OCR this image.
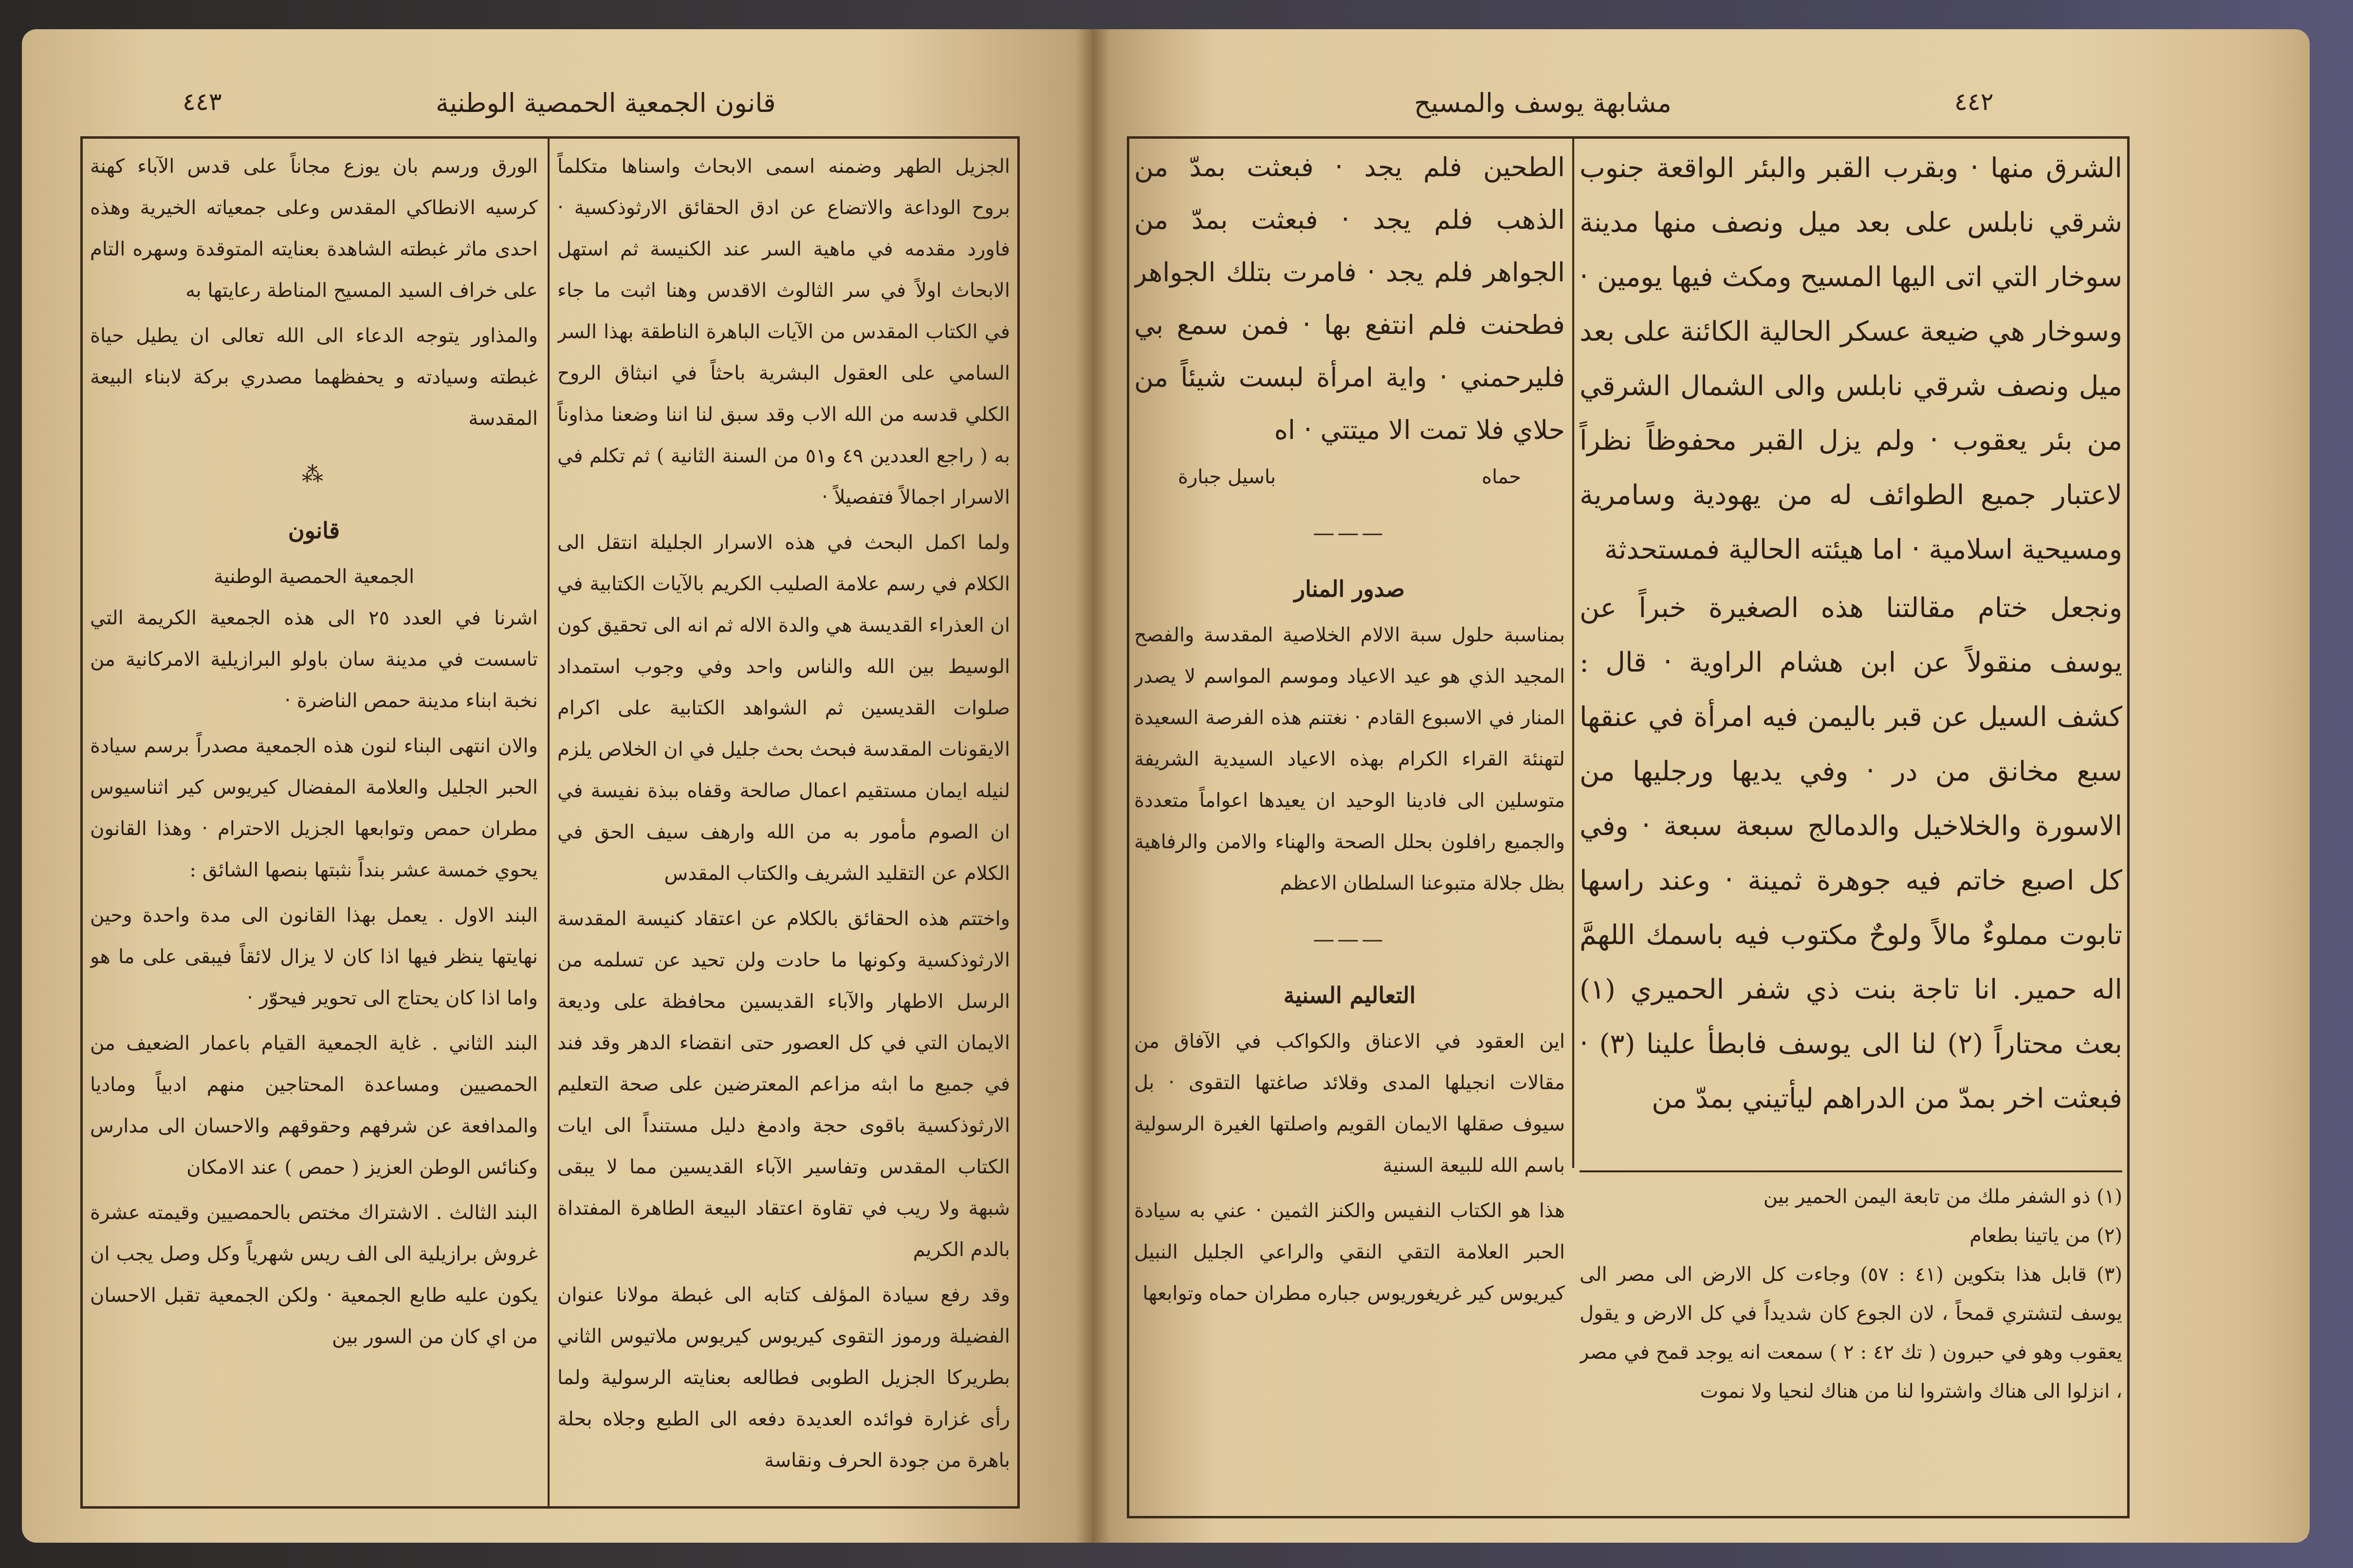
٤٤٣	قانون الجمعية الحمصية الوطنية

الجزيل الطهر وضمنه اسمى الابحاث واسناها متكلماً بروح الوداعة والاتضاع عن ادق الحقائق الارثوذكسية ‧ فاورد مقدمه في ماهية السر عند الكنيسة ثم استهل الابحاث اولاً في سر الثالوث الاقدس وهنا اثبت ما جاء في الكتاب المقدس من الآيات الباهرة الناطقة بهذا السر السامي على العقول البشرية باحثاً في انبثاق الروح الكلي قدسه من الله الاب وقد سبق لنا اننا وضعنا مذاوناً به ( راجع العددين ٤٩ و٥١ من السنة الثانية ) ثم تكلم في الاسرار اجمالاً فتفصيلاً ‧

ولما اكمل البحث في هذه الاسرار الجليلة انتقل الى الكلام في رسم علامة الصليب الكريم بالآيات الكتابية في ان العذراء القديسة هي والدة الاله ثم انه الى تحقيق كون الوسيط بين الله والناس واحد وفي وجوب استمداد صلوات القديسين ثم الشواهد الكتابية على اكرام الايقونات المقدسة فبحث بحث جليل في ان الخلاص يلزم لنيله ايمان مستقيم اعمال صالحة وقفاه ببذة نفيسة في ان الصوم مأمور به من الله وارهف سيف الحق في الكلام عن التقليد الشريف والكتاب المقدس

واختتم هذه الحقائق بالكلام عن اعتقاد كنيسة المقدسة الارثوذكسية وكونها ما حادت ولن تحيد عن تسلمه من الرسل الاطهار والآباء القديسين محافظة على وديعة الايمان التي في كل العصور حتى انقضاء الدهر وقد فند في جميع ما ابثه مزاعم المعترضين على صحة التعليم الارثوذكسية باقوى حجة وادمغ دليل مستنداً الى ايات الكتاب المقدس وتفاسير الآباء القديسين مما لا يبقى شبهة ولا ريب في تقاوة اعتقاد البيعة الطاهرة المفتداة بالدم الكريم

وقد رفع سيادة المؤلف كتابه الى غبطة مولانا عنوان الفضيلة ورموز التقوى كيريوس كيريوس ملاتيوس الثاني بطريركا الجزيل الطوبى فطالعه بعنايته الرسولية ولما رأى غزارة فوائده العديدة دفعه الى الطبع وجلاه بحلة باهرة من جودة الحرف ونقاسة

الورق ورسم بان يوزع مجاناً على قدس الآباء كهنة كرسيه الانطاكي المقدس وعلى جمعياته الخيرية وهذه احدى ماثر غبطته الشاهدة بعنايته المتوقدة وسهره التام على خراف السيد المسيح المناطة رعايتها به

والمذاور يتوجه الدعاء الى الله تعالى ان يطيل حياة غبطته وسيادته و يحفظهما مصدري بركة لابناء البيعة المقدسة

⁂
قانون
الجمعية الحمصية الوطنية

اشرنا في العدد ٢٥ الى هذه الجمعية الكريمة التي تاسست في مدينة سان باولو البرازيلية الامركانية من نخبة ابناء مدينة حمص الناضرة ‧

والان انتهى البناء لنون هذه الجمعية مصدراً برسم سيادة الحبر الجليل والعلامة المفضال كيريوس كير اثناسيوس مطران حمص وتوابعها الجزيل الاحترام ‧ وهذا القانون يحوي خمسة عشر بنداً نثبتها بنصها الشائق :

البند الاول . يعمل بهذا القانون الى مدة واحدة وحين نهايتها ينظر فيها اذا كان لا يزال لائقاً فيبقى على ما هو واما اذا كان يحتاج الى تحوير فيحوّر ‧

البند الثاني . غاية الجمعية القيام باعمار الضعيف من الحمصيين ومساعدة المحتاجين منهم ادبياً وماديا والمدافعة عن شرفهم وحقوقهم والاحسان الى مدارس وكنائس الوطن العزيز ( حمص ) عند الامكان

البند الثالث . الاشتراك مختص بالحمصيين وقيمته عشرة غروش برازيلية الى الف ريس شهرياً وكل وصل يجب ان يكون عليه طابع الجمعية ‧ ولكن الجمعية تقبل الاحسان من اي كان من السور بين

٤٤٢
مشابهة يوسف والمسيح

الشرق منها ‧ وبقرب القبر والبئر الواقعة جنوب شرقي نابلس على بعد ميل ونصف منها مدينة سوخار التي اتى اليها المسيح ومكث فيها يومين ‧ وسوخار هي ضيعة عسكر الحالية الكائنة على بعد ميل ونصف شرقي نابلس والى الشمال الشرقي من بئر يعقوب ‧ ولم يزل القبر محفوظاً نظراً لاعتبار جميع الطوائف له من يهودية وسامرية ومسيحية اسلامية ‧ اما هيئته الحالية فمستحدثة

ونجعل ختام مقالتنا هذه الصغيرة خبراً عن يوسف منقولاً عن ابن هشام الراوية ‧ قال : كشف السيل عن قبر باليمن فيه امرأة في عنقها سبع مخانق من در ‧ وفي يديها ورجليها من الاسورة والخلاخيل والدمالج سبعة سبعة ‧ وفي كل اصبع خاتم فيه جوهرة ثمينة ‧ وعند راسها تابوت مملوءٌ مالاً ولوحٌ مكتوب فيه باسمك اللهمَّ اله حمير. انا تاجة بنت ذي شفر الحميري (١) بعث محتاراً (٢) لنا الى يوسف فابطأ علينا (٣) ‧ فبعثت اخر بمدّ من الدراهم ليأتيني بمدّ من

الطحين فلم يجد ‧ فبعثت بمدّ من الذهب فلم يجد ‧ فبعثت بمدّ من الجواهر فلم يجد ‧ فامرت بتلك الجواهر فطحنت فلم انتفع بها ‧ فمن سمع بي فليرحمني ‧ واية امرأة لبست شيئاً من حلاي فلا تمت الا ميتتي ‧ اه
حماه
باسيل جبارة
———
صدور المنار

بمناسبة حلول سبة الالام الخلاصية المقدسة والفصح المجيد الذي هو عيد الاعياد وموسم المواسم لا يصدر المنار في الاسبوع القادم ‧ نغتنم هذه الفرصة السعيدة لتهنئة القراء الكرام بهذه الاعياد السيدية الشريفة متوسلين الى فادينا الوحيد ان يعيدها اعواماً متعددة والجميع رافلون بحلل الصحة والهناء والامن والرفاهية بظل جلالة متبوعنا السلطان الاعظم

———
التعاليم السنية

اين العقود في الاعناق والكواكب في الآفاق من مقالات انجيلها المدى وقلائد صاغتها التقوى ‧ بل سيوف صقلها الايمان القويم واصلتها الغيرة الرسولية باسم الله للبيعة السنية

هذا هو الكتاب النفيس والكنز الثمين ‧ عني به سيادة الحبر العلامة التقي النقي والراعي الجليل النبيل كيريوس كير غريغوريوس جباره مطران حماه وتوابعها

(١) ذو الشفر ملك من تابعة اليمن الحمير بين
(٢) من ياتينا بطعام
(٣) قابل هذا بتكوين (٤١ : ٥٧) وجاءت كل الارض الى مصر الى يوسف لتشتري قمحاً ، لان الجوع كان شديداً في كل الارض و يقول يعقوب وهو في حبرون ( تك ٤٢ : ٢ ) سمعت انه يوجد قمح في مصر ، انزلوا الى هناك واشتروا لنا من هناك لنحيا ولا نموت
